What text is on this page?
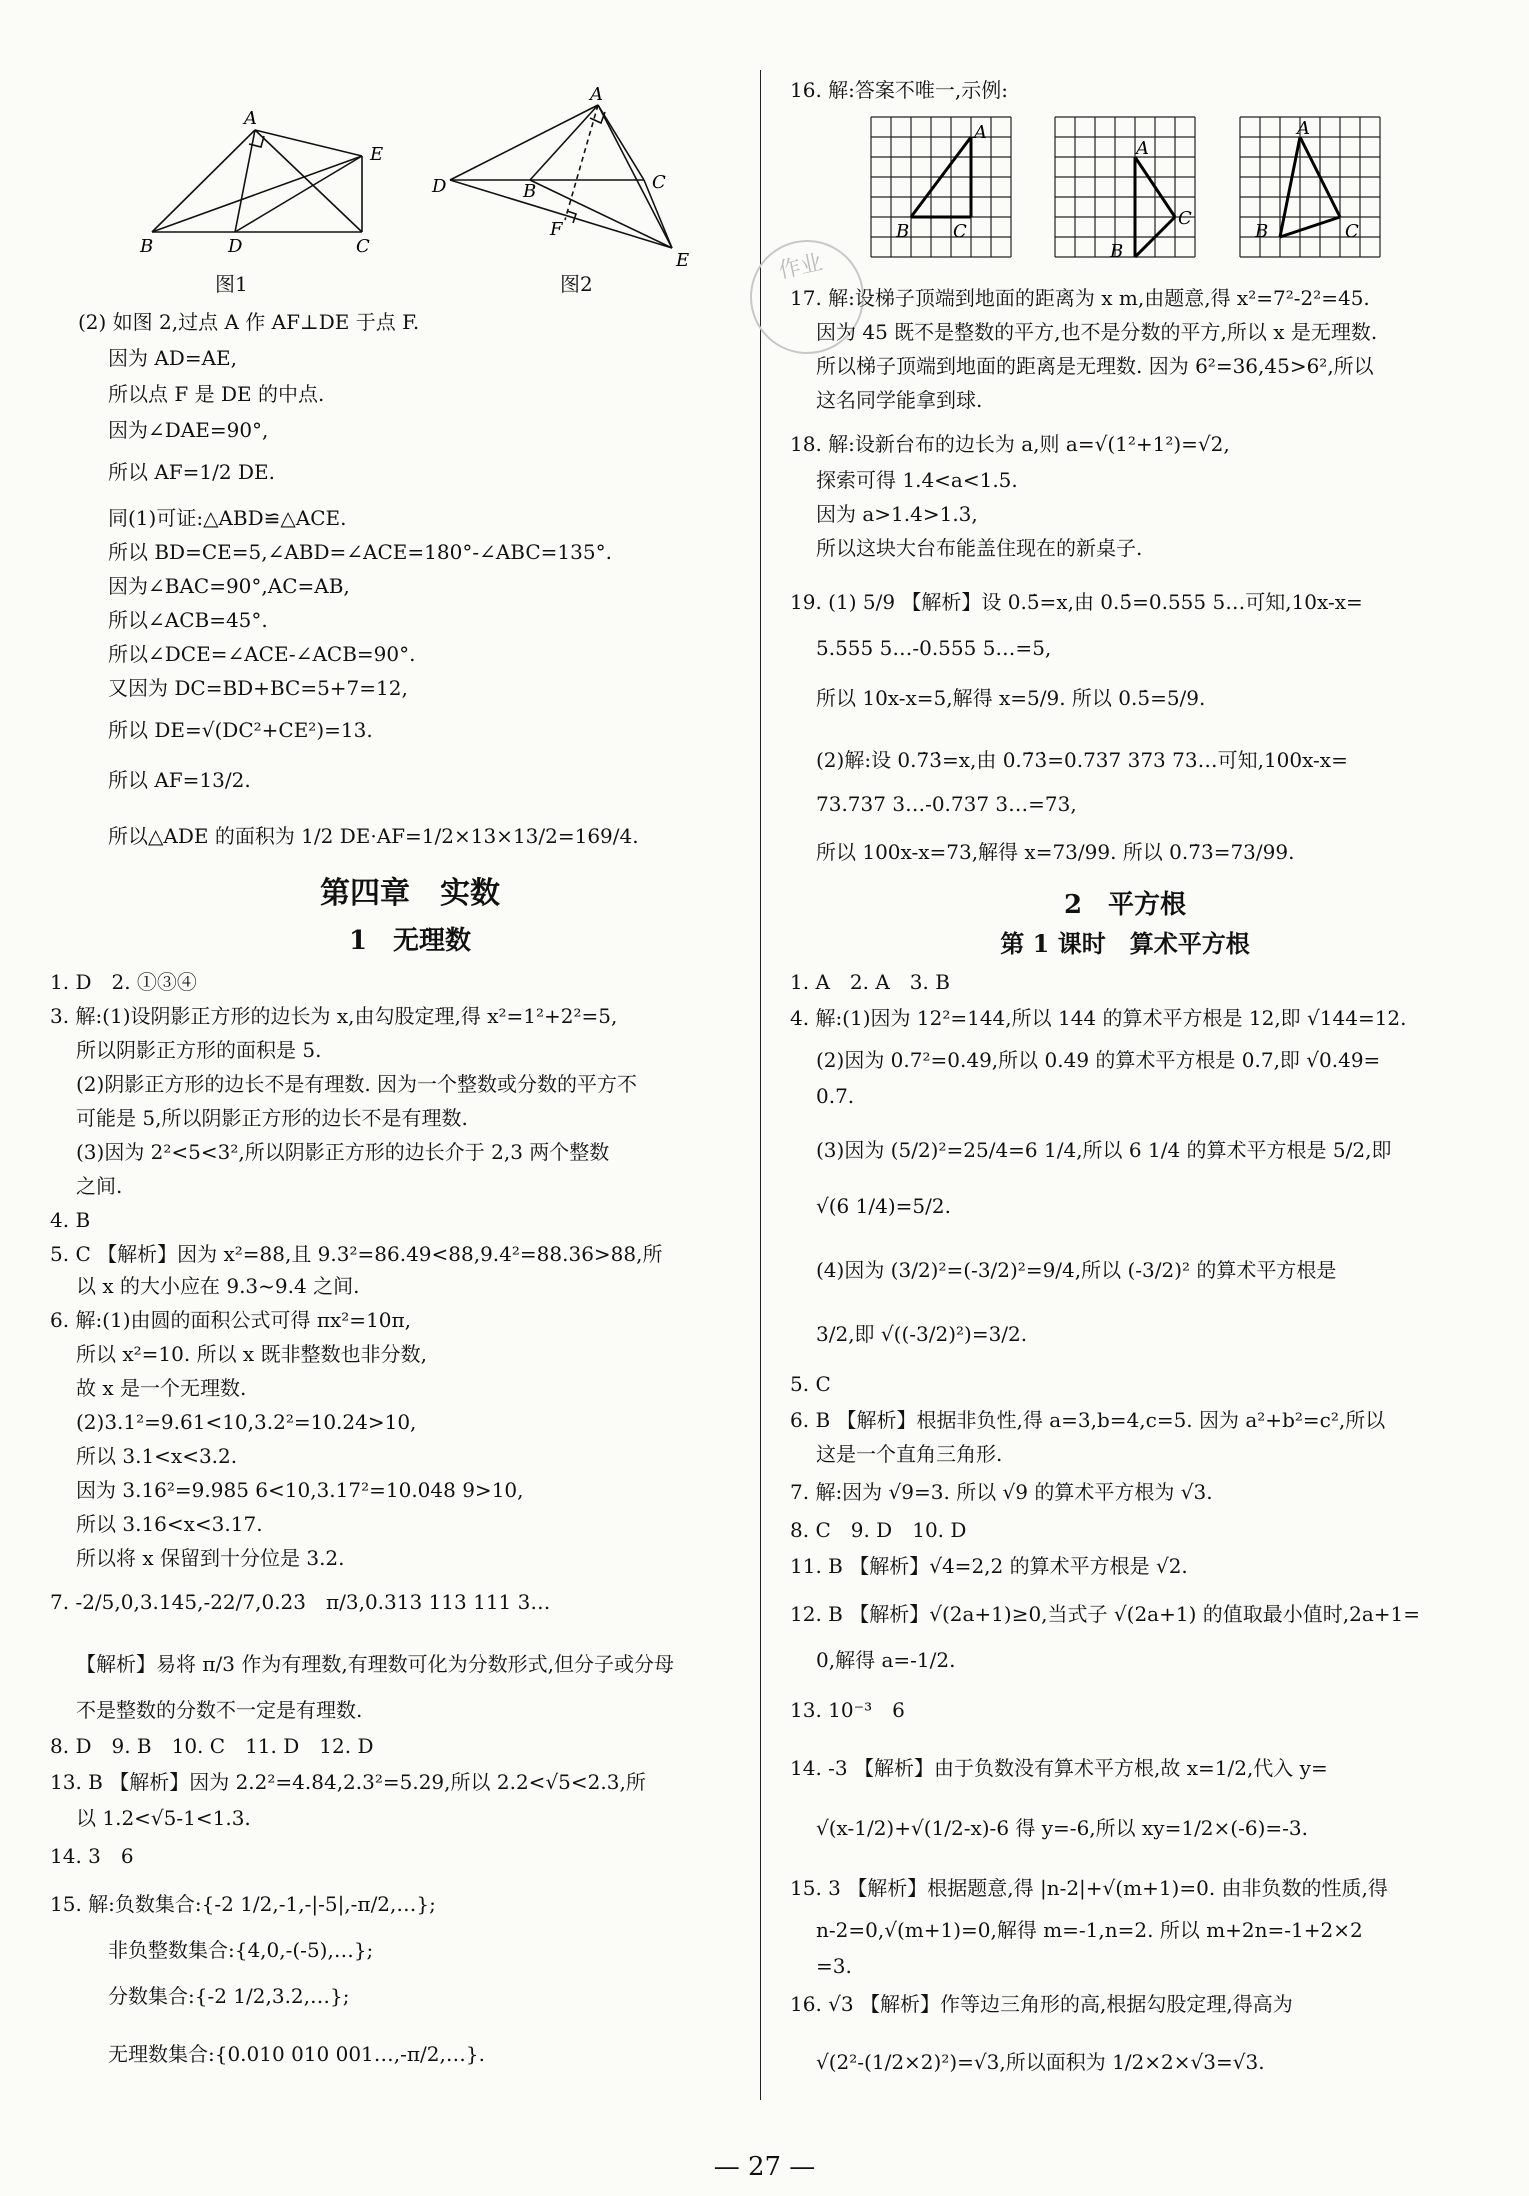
A
B	C
D
E
图1
A
B	C
D
E
F
图2
(2) 如图 2,过点 A 作 AF⊥DE 于点 F.
因为 AD=AE,
所以点 F 是 DE 的中点.
因为∠DAE=90°,
所以 AF=1/2 DE.
同(1)可证:△ABD≌△ACE.
所以 BD=CE=5,∠ABD=∠ACE=180°-∠ABC=135°.
因为∠BAC=90°,AC=AB,
所以∠ACB=45°.
所以∠DCE=∠ACE-∠ACB=90°.
又因为 DC=BD+BC=5+7=12,
所以 DE=√(DC²+CE²)=13.
所以 AF=13/2.
所以△ADE 的面积为 1/2 DE·AF=1/2×13×13/2=169/4.
第四章　实数
1　无理数
1. D　2. ①③④
3. 解:(1)设阴影正方形的边长为 x,由勾股定理,得 x²=1²+2²=5,
所以阴影正方形的面积是 5.
(2)阴影正方形的边长不是有理数. 因为一个整数或分数的平方不
可能是 5,所以阴影正方形的边长不是有理数.
(3)因为 2²<5<3²,所以阴影正方形的边长介于 2,3 两个整数
之间.
4. B
5. C 【解析】因为 x²=88,且 9.3²=86.49<88,9.4²=88.36>88,所
以 x 的大小应在 9.3~9.4 之间.
6. 解:(1)由圆的面积公式可得 πx²=10π,
所以 x²=10. 所以 x 既非整数也非分数,
故 x 是一个无理数.
(2)3.1²=9.61<10,3.2²=10.24>10,
所以 3.1<x<3.2.
因为 3.16²=9.985 6<10,3.17²=10.048 9>10,
所以 3.16<x<3.17.
所以将 x 保留到十分位是 3.2.
7. -2/5,0,3.145,-22/7,0.2̇3̇　π/3,0.313 113 111 3…
【解析】易将 π/3 作为有理数,有理数可化为分数形式,但分子或分母
不是整数的分数不一定是有理数.
8. D　9. B　10. C　11. D　12. D
13. B 【解析】因为 2.2²=4.84,2.3²=5.29,所以 2.2<√5<2.3,所
以 1.2<√5-1<1.3.
14. 3　6
15. 解:负数集合:{-2 1/2,-1,-|-5|,-π/2,…};
非负整数集合:{4,0,-(-5),…};
分数集合:{-2 1/2,3.2,…};
无理数集合:{0.010 010 001…,-π/2,…}.
16. 解:答案不唯一,示例:
A
B C
A
B
C
A
B	C
作业
17. 解:设梯子顶端到地面的距离为 x m,由题意,得 x²=7²-2²=45.
因为 45 既不是整数的平方,也不是分数的平方,所以 x 是无理数.
所以梯子顶端到地面的距离是无理数. 因为 6²=36,45>6²,所以
这名同学能拿到球.
18. 解:设新台布的边长为 a,则 a=√(1²+1²)=√2,
探索可得 1.4<a<1.5.
因为 a>1.4>1.3,
所以这块大台布能盖住现在的新桌子.
19. (1) 5/9 【解析】设 0.5̇=x,由 0.5̇=0.555 5…可知,10x-x=
5.555 5…-0.555 5…=5,
所以 10x-x=5,解得 x=5/9. 所以 0.5̇=5/9.
(2)解:设 0.7̇3̇=x,由 0.7̇3̇=0.737 373 73…可知,100x-x=
73.737 3…-0.737 3…=73,
所以 100x-x=73,解得 x=73/99. 所以 0.7̇3̇=73/99.
2　平方根
第 1 课时　算术平方根
1. A　2. A　3. B
4. 解:(1)因为 12²=144,所以 144 的算术平方根是 12,即 √144=12.
(2)因为 0.7²=0.49,所以 0.49 的算术平方根是 0.7,即 √0.49=
0.7.
(3)因为 (5/2)²=25/4=6 1/4,所以 6 1/4 的算术平方根是 5/2,即
√(6 1/4)=5/2.
(4)因为 (3/2)²=(-3/2)²=9/4,所以 (-3/2)² 的算术平方根是
3/2,即 √((-3/2)²)=3/2.
5. C
6. B 【解析】根据非负性,得 a=3,b=4,c=5. 因为 a²+b²=c²,所以
这是一个直角三角形.
7. 解:因为 √9=3. 所以 √9 的算术平方根为 √3.
8. C　9. D　10. D
11. B 【解析】√4=2,2 的算术平方根是 √2.
12. B 【解析】√(2a+1)≥0,当式子 √(2a+1) 的值取最小值时,2a+1=
0,解得 a=-1/2.
13. 10⁻³　6
14. -3 【解析】由于负数没有算术平方根,故 x=1/2,代入 y=
√(x-1/2)+√(1/2-x)-6 得 y=-6,所以 xy=1/2×(-6)=-3.
15. 3 【解析】根据题意,得 |n-2|+√(m+1)=0. 由非负数的性质,得
n-2=0,√(m+1)=0,解得 m=-1,n=2. 所以 m+2n=-1+2×2
=3.
16. √3 【解析】作等边三角形的高,根据勾股定理,得高为
√(2²-(1/2×2)²)=√3,所以面积为 1/2×2×√3=√3.
— 27 —
